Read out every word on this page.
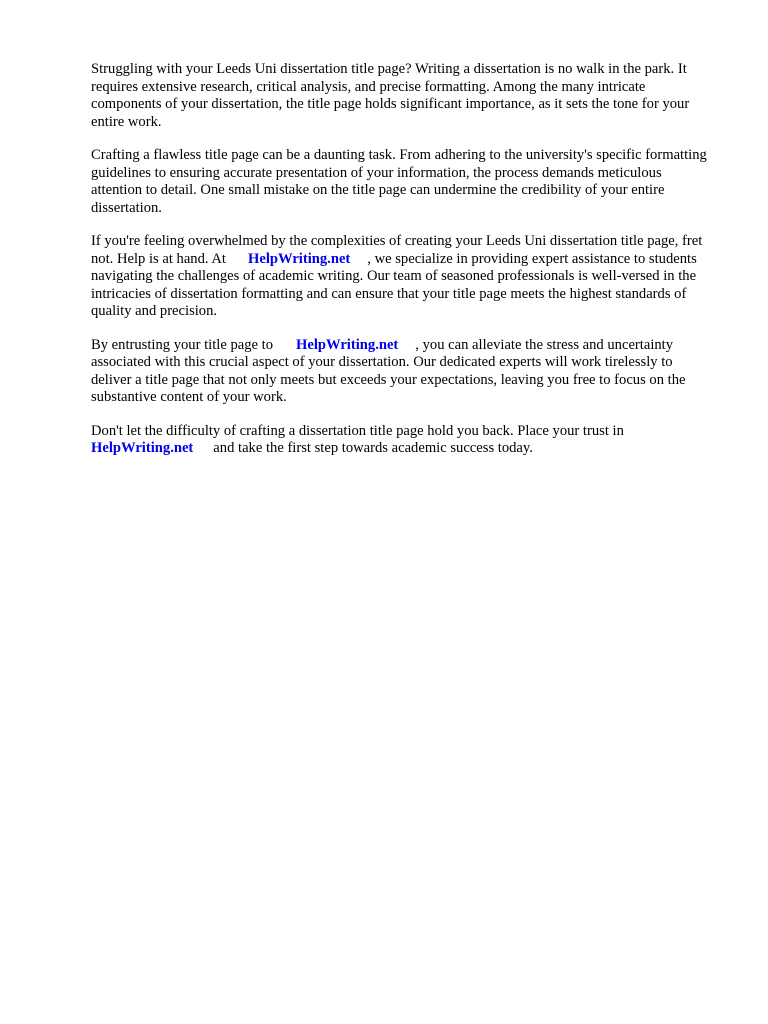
Struggling with your Leeds Uni dissertation title page? Writing a dissertation is no walk in the park. It requires extensive research, critical analysis, and precise formatting. Among the many intricate components of your dissertation, the title page holds significant importance, as it sets the tone for your entire work.

Crafting a flawless title page can be a daunting task. From adhering to the university's specific formatting guidelines to ensuring accurate presentation of your information, the process demands meticulous attention to detail. One small mistake on the title page can undermine the credibility of your entire dissertation.

If you're feeling overwhelmed by the complexities of creating your Leeds Uni dissertation title page, fret not. Help is at hand. At HelpWriting.net , we specialize in providing expert assistance to students navigating the challenges of academic writing. Our team of seasoned professionals is well-versed in the intricacies of dissertation formatting and can ensure that your title page meets the highest standards of quality and precision.

By entrusting your title page to HelpWriting.net , you can alleviate the stress and uncertainty associated with this crucial aspect of your dissertation. Our dedicated experts will work tirelessly to deliver a title page that not only meets but exceeds your expectations, leaving you free to focus on the substantive content of your work.

Don't let the difficulty of crafting a dissertation title page hold you back. Place your trust in HelpWriting.net and take the first step towards academic success today.
